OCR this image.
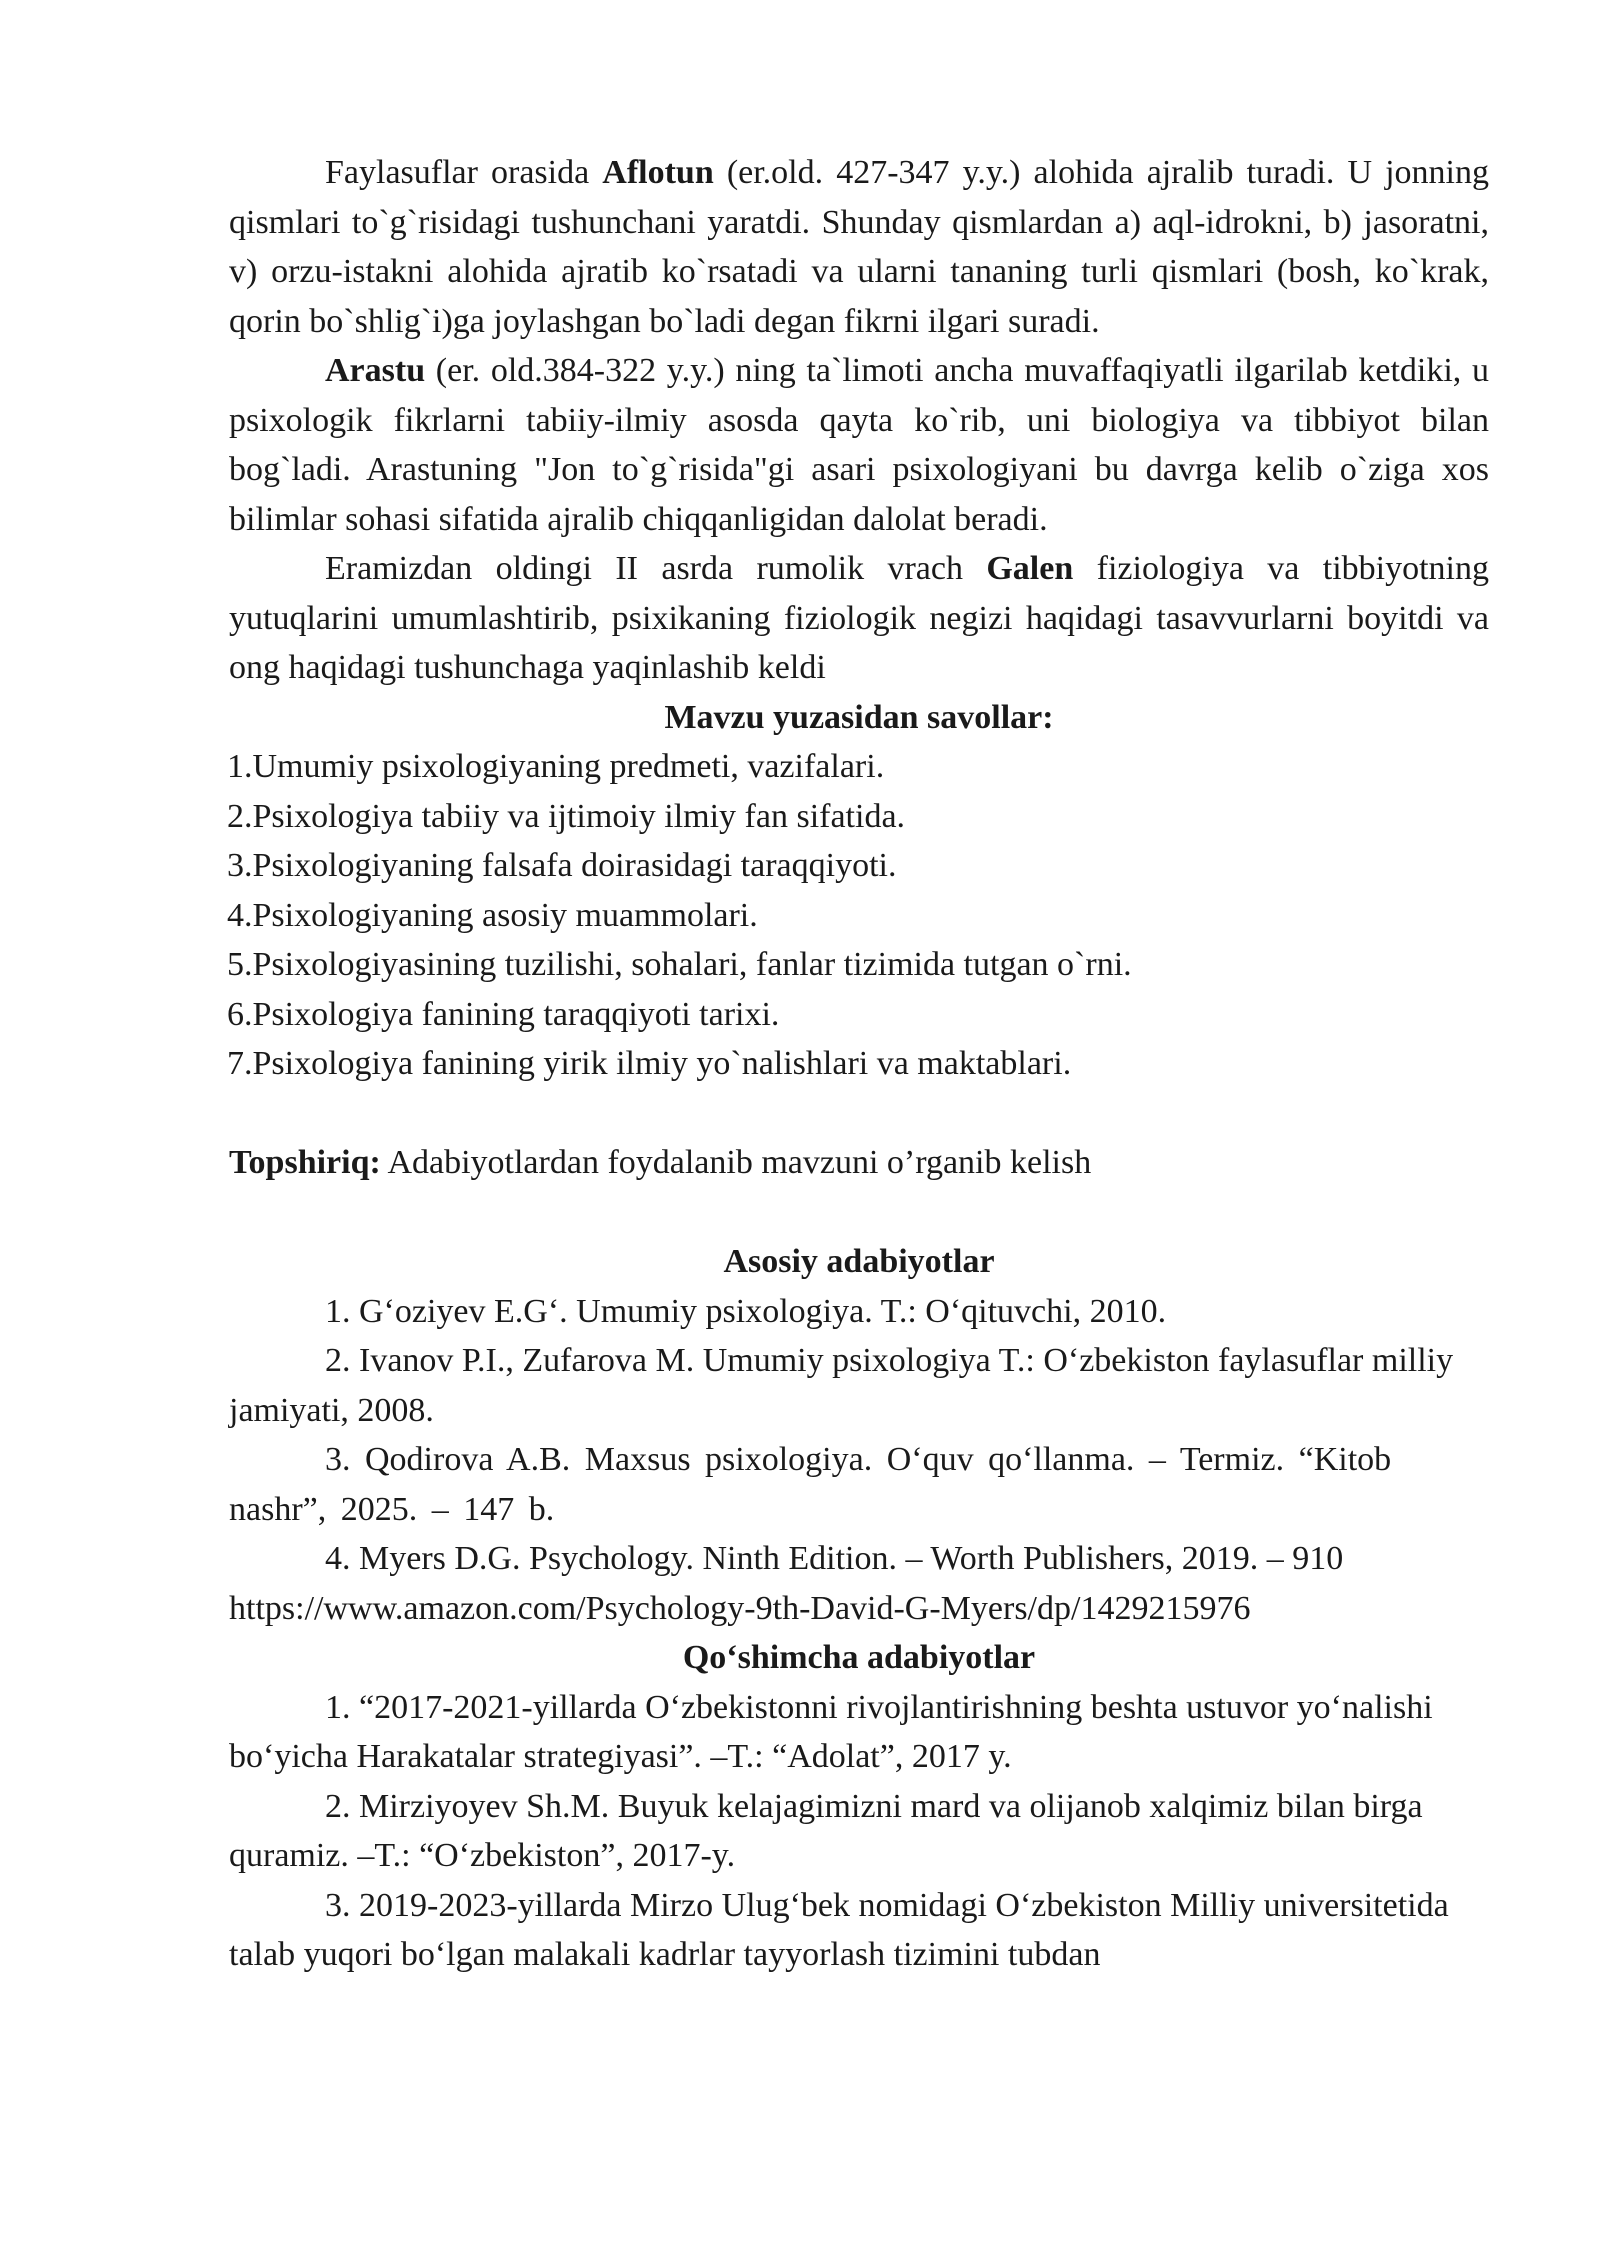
Faylasuflar orasida Aflotun (er.old. 427-347 y.y.) alohida ajralib turadi. U jonning qismlari to`g`risidagi tushunchani yaratdi. Shunday qismlardan a) aql-idrokni, b) jasoratni, v) orzu-istakni alohida ajratib ko`rsatadi va ularni tananing turli qismlari (bosh, ko`krak, qorin bo`shlig`i)ga joylashgan bo`ladi degan fikrni ilgari suradi.

Arastu (er. old.384-322 y.y.) ning ta`limoti ancha muvaffaqiyatli ilgarilab ketdiki, u psixologik fikrlarni tabiiy-ilmiy asosda qayta ko`rib, uni biologiya va tibbiyot bilan bog`ladi. Arastuning "Jon to`g`risida"gi asari psixologiyani bu davrga kelib o`ziga xos bilimlar sohasi sifatida ajralib chiqqanligidan dalolat beradi.

Eramizdan oldingi II asrda rumolik vrach Galen fiziologiya va tibbiyotning yutuqlarini umumlashtirib, psixikaning fiziologik negizi haqidagi tasavvurlarni boyitdi va ong haqidagi tushunchaga yaqinlashib keldi

Mavzu yuzasidan savollar:

1.Umumiy psixologiyaning predmeti, vazifalari.

2.Psixologiya tabiiy va ijtimoiy ilmiy fan sifatida.

3.Psixologiyaning falsafa doirasidagi taraqqiyoti.

4.Psixologiyaning asosiy muammolari.

5.Psixologiyasining tuzilishi, sohalari, fanlar tizimida tutgan o`rni.

6.Psixologiya fanining taraqqiyoti tarixi.

7.Psixologiya fanining yirik ilmiy yo`nalishlari va maktablari.

Topshiriq: Adabiyotlardan foydalanib mavzuni o’rganib kelish

Asosiy adabiyotlar

1. G‘oziyev E.G‘. Umumiy psixologiya. T.: O‘qituvchi, 2010.

2. Ivanov P.I., Zufarova M. Umumiy psixologiya T.: O‘zbekiston faylasuflar milliy jamiyati, 2008.

3. Qodirova A.B. Maxsus psixologiya. O‘quv qo‘llanma. – Termiz. “Kitob nashr”, 2025. – 147 b.

4. Myers D.G. Psychology. Ninth Edition. – Worth Publishers, 2019. – 910 https://www.amazon.com/Psychology-9th-David-G-Myers/dp/1429215976

Qo‘shimcha adabiyotlar

1. “2017-2021-yillarda O‘zbekistonni rivojlantirishning beshta ustuvor yo‘nalishi bo‘yicha Harakatalar strategiyasi”. –T.: “Adolat”, 2017 y.

2. Mirziyoyev Sh.M. Buyuk kelajagimizni mard va olijanob xalqimiz bilan birga quramiz. –T.: “O‘zbekiston”, 2017-y.

3. 2019-2023-yillarda Mirzo Ulug‘bek nomidagi O‘zbekiston Milliy universitetida talab yuqori bo‘lgan malakali kadrlar tayyorlash tizimini tubdan
